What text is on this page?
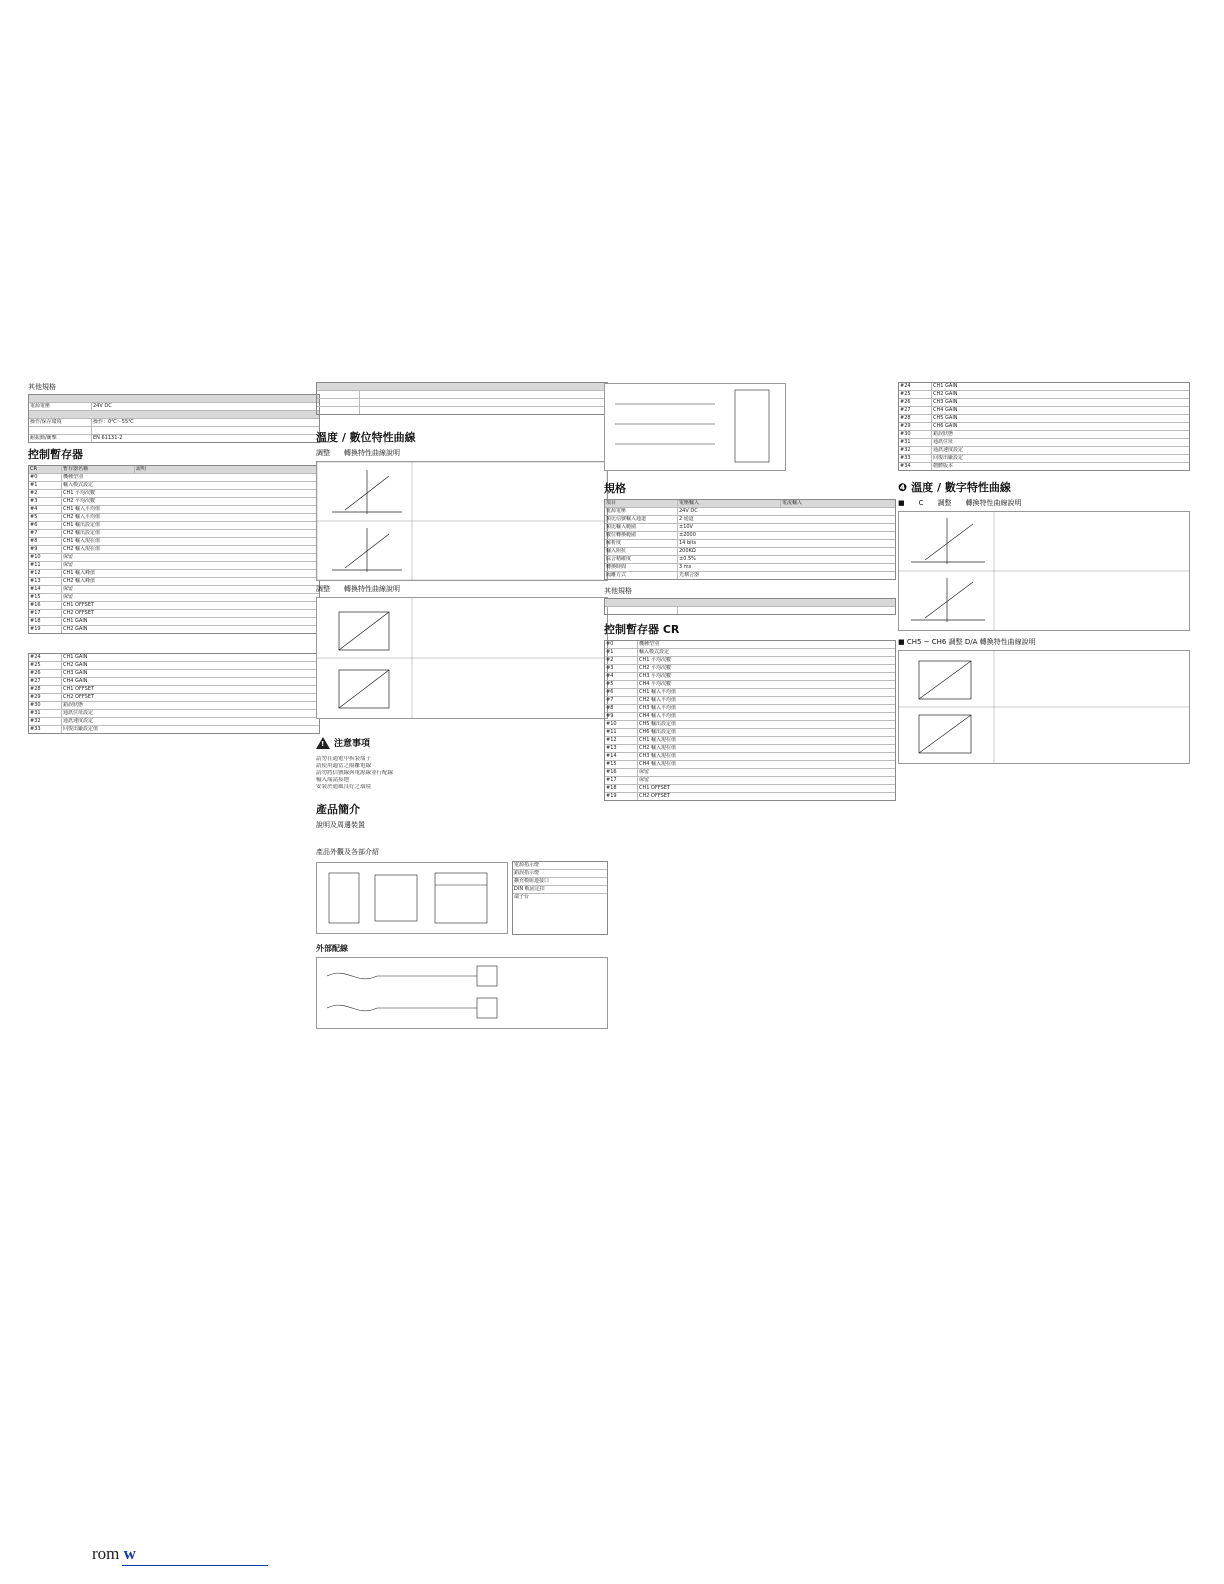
其他規格

電源電壓	24V DC

操作/保存環境	操作：0℃～55℃

耐振動/衝擊	EN 61131-2
控制暫存器
CR	暫存器名稱	說明
#0	機種型別
#1	輸入模式設定
#2	CH1 平均次數
#3	CH2 平均次數
#4	CH1 輸入平均值
#5	CH2 輸入平均值
#6	CH1 輸出設定值
#7	CH2 輸出設定值
#8	CH1 輸入現在值
#9	CH2 輸入現在值
#10	保留
#11	保留
#12	CH1 輸入峰值
#13	CH2 輸入峰值
#14	保留
#15	保留
#16	CH1 OFFSET
#17	CH2 OFFSET
#18	CH1 GAIN
#19	CH2 GAIN

#24	CH1 GAIN
#25	CH2 GAIN
#26	CH3 GAIN
#27	CH4 GAIN
#28	CH1 OFFSET
#29	CH2 OFFSET
#30	錯誤狀態
#31	通訊位址設定
#32	通訊速度設定
#33	回復出廠設定值

溫度 / 數位特性曲線
調整　　轉換特性曲線說明
調整　　轉換特性曲線說明
! 注意事項
請勿在通電中拆裝端子
請使用適當之隔離電線
請勿將信號線與電源線並行配線
輸入端請接地
安裝於通風良好之環境
產品簡介
說明及周邊裝置

產品外觀及各部介紹
電源指示燈
錯誤指示燈
擴充模組連接口
DIN 軌固定扣
端子台
外部配線

規格
項目	電壓輸入	電流輸入
電源電壓	24V DC
類比信號輸入通道	2 通道
類比輸入範圍	±10V
數位轉換範圍	±2000
解析度	14 bits
輸入阻抗	200KΩ
綜合精確度	±0.5%
轉換時間	3 ms
隔離方式	光耦合器
其他規格

控制暫存器 CR
#0	機種型別
#1	輸入模式設定
#2	CH1 平均次數
#3	CH2 平均次數
#4	CH3 平均次數
#5	CH4 平均次數
#6	CH1 輸入平均值
#7	CH2 輸入平均值
#8	CH3 輸入平均值
#9	CH4 輸入平均值
#10	CH5 輸出設定值
#11	CH6 輸出設定值
#12	CH1 輸入現在值
#13	CH2 輸入現在值
#14	CH3 輸入現在值
#15	CH4 輸入現在值
#16	保留
#17	保留
#18	CH1 OFFSET
#19	CH2 OFFSET
#24	CH1 GAIN
#25	CH2 GAIN
#26	CH3 GAIN
#27	CH4 GAIN
#28	CH5 GAIN
#29	CH6 GAIN
#30	錯誤狀態
#31	通訊位址
#32	通訊速度設定
#33	回復出廠設定
#34	韌體版本
❹ 溫度 / 數字特性曲線
■　　C　　調整　　轉換特性曲線說明
■ CH5 ~ CH6 調整 D/A 轉換特性曲線說明
rom w
